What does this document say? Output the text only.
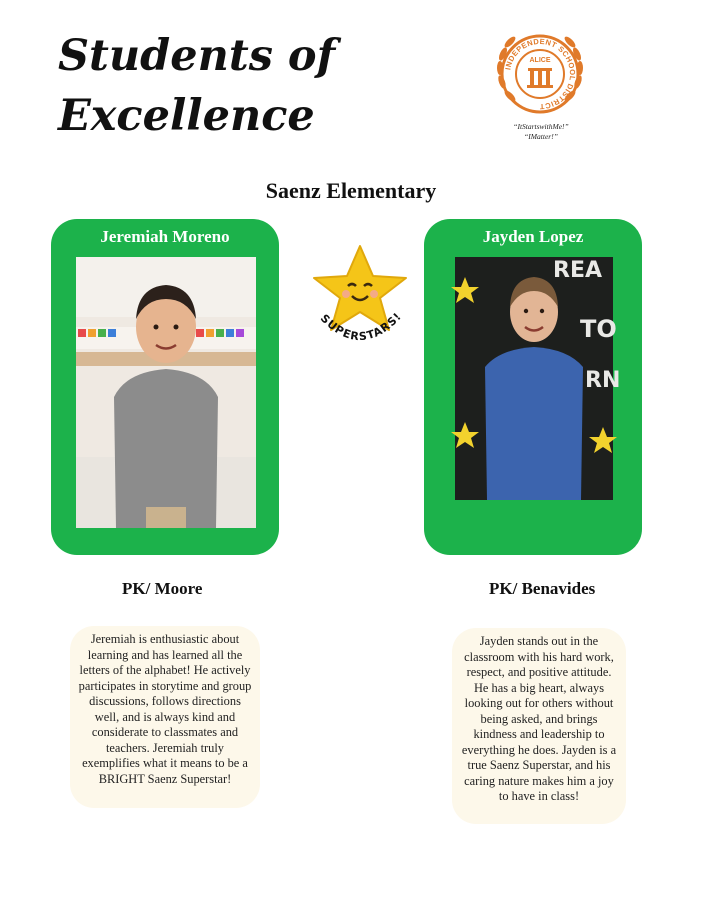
Students of
Excellence
INDEPENDENT SCHOOL DISTRICT
ALICE
“ItStartswithMe!”
“IMatter!”
Saenz Elementary
Jeremiah Moreno	Jayden Lopez
REA
TO
RN
SUPERSTARS!
PK/ Moore	PK/ Benavides
Jeremiah is enthusiastic about learning and has learned all the letters of the alphabet! He actively participates in storytime and group discussions, follows directions well, and is always kind and considerate to classmates and teachers. Jeremiah truly exemplifies what it means to be a BRIGHT Saenz Superstar!
Jayden stands out in the classroom with his hard work, respect, and positive attitude. He has a big heart, always looking out for others without being asked, and brings kindness and leadership to everything he does. Jayden is a true Saenz Superstar, and his caring nature makes him a joy to have in class!
